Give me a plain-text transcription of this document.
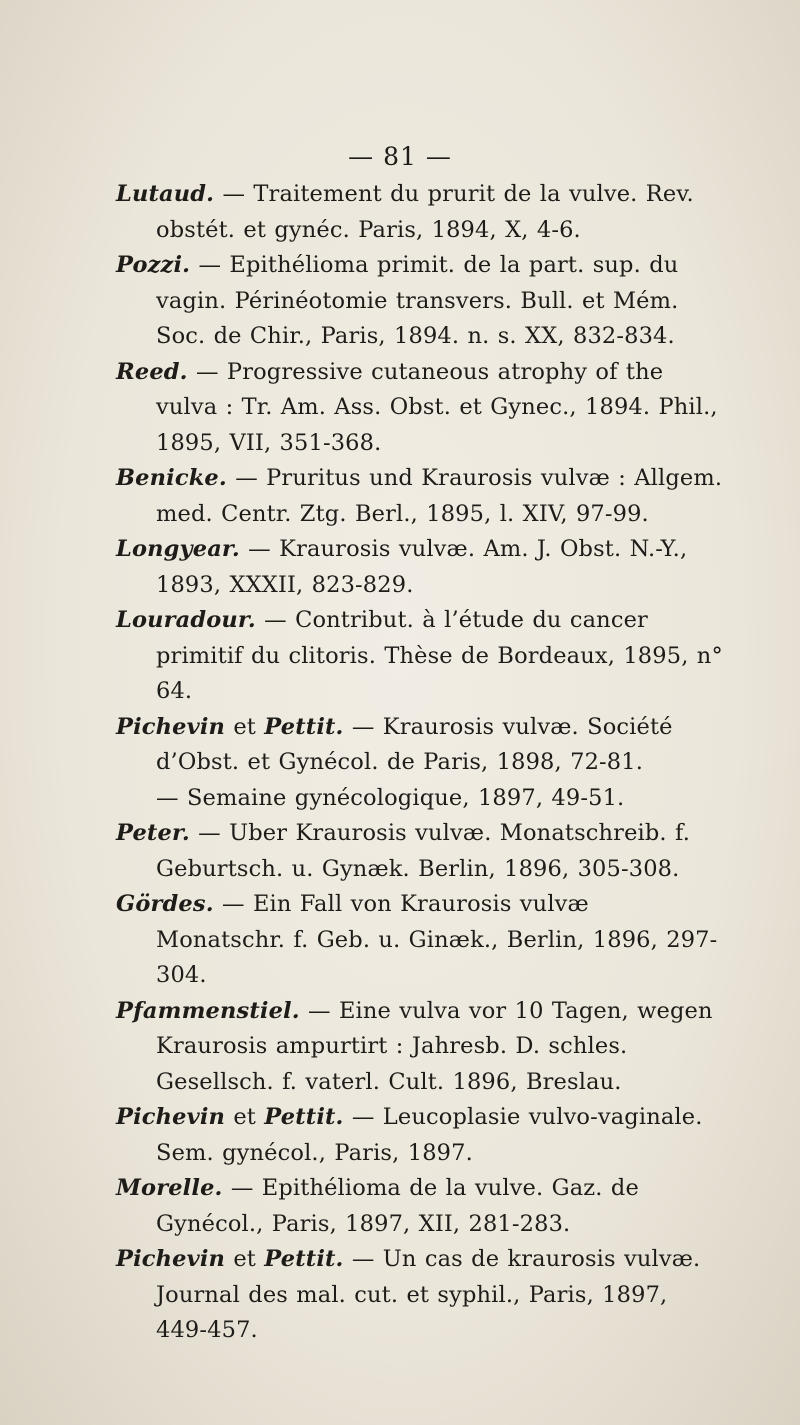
— 81 —

Lutaud. — Traitement du prurit de la vulve. Rev. obstét. et gynéc. Paris, 1894, X, 4-6.

Pozzi. — Epithélioma primit. de la part. sup. du vagin. Périnéotomie transvers. Bull. et Mém. Soc. de Chir., Paris, 1894. n. s. XX, 832-834.

Reed. — Progressive cutaneous atrophy of the vulva : Tr. Am. Ass. Obst. et Gynec., 1894. Phil., 1895, VII, 351-368.

Benicke. — Pruritus und Kraurosis vulvæ : Allgem. med. Centr. Ztg. Berl., 1895, l. XIV, 97-99.

Longyear. — Kraurosis vulvæ. Am. J. Obst. N.-Y., 1893, XXXII, 823-829.

Louradour. — Contribut. à l’étude du cancer primitif du clitoris. Thèse de Bordeaux, 1895, n° 64.

Pichevin et Pettit. — Kraurosis vulvæ. Société d’Obst. et Gynécol. de Paris, 1898, 72-81.

— Semaine gynécologique, 1897, 49-51.

Peter. — Uber Kraurosis vulvæ. Monatschreib. f. Geburtsch. u. Gynæk. Berlin, 1896, 305-308.

Gördes. — Ein Fall von Kraurosis vulvæ Monatschr. f. Geb. u. Ginæk., Berlin, 1896, 297-304.

Pfammenstiel. — Eine vulva vor 10 Tagen, wegen Kraurosis ampurtirt : Jahresb. D. schles. Gesellsch. f. vaterl. Cult. 1896, Breslau.

Pichevin et Pettit. — Leucoplasie vulvo-vaginale. Sem. gynécol., Paris, 1897.

Morelle. — Epithélioma de la vulve. Gaz. de Gynécol., Paris, 1897, XII, 281-283.

Pichevin et Pettit. — Un cas de kraurosis vulvæ. Journal des mal. cut. et syphil., Paris, 1897, 449-457.
